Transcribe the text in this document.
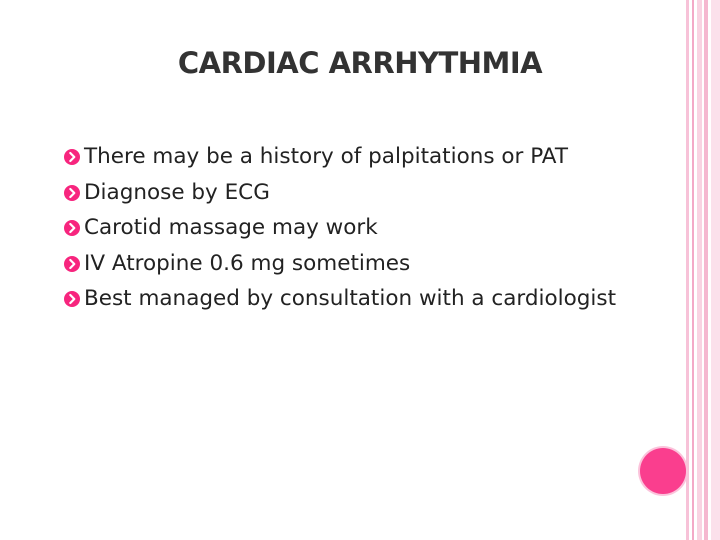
CARDIAC ARRHYTHMIA
There may be a history of palpitations or PAT
Diagnose by ECG
Carotid massage may work
IV Atropine 0.6 mg sometimes
Best managed by consultation with a cardiologist
